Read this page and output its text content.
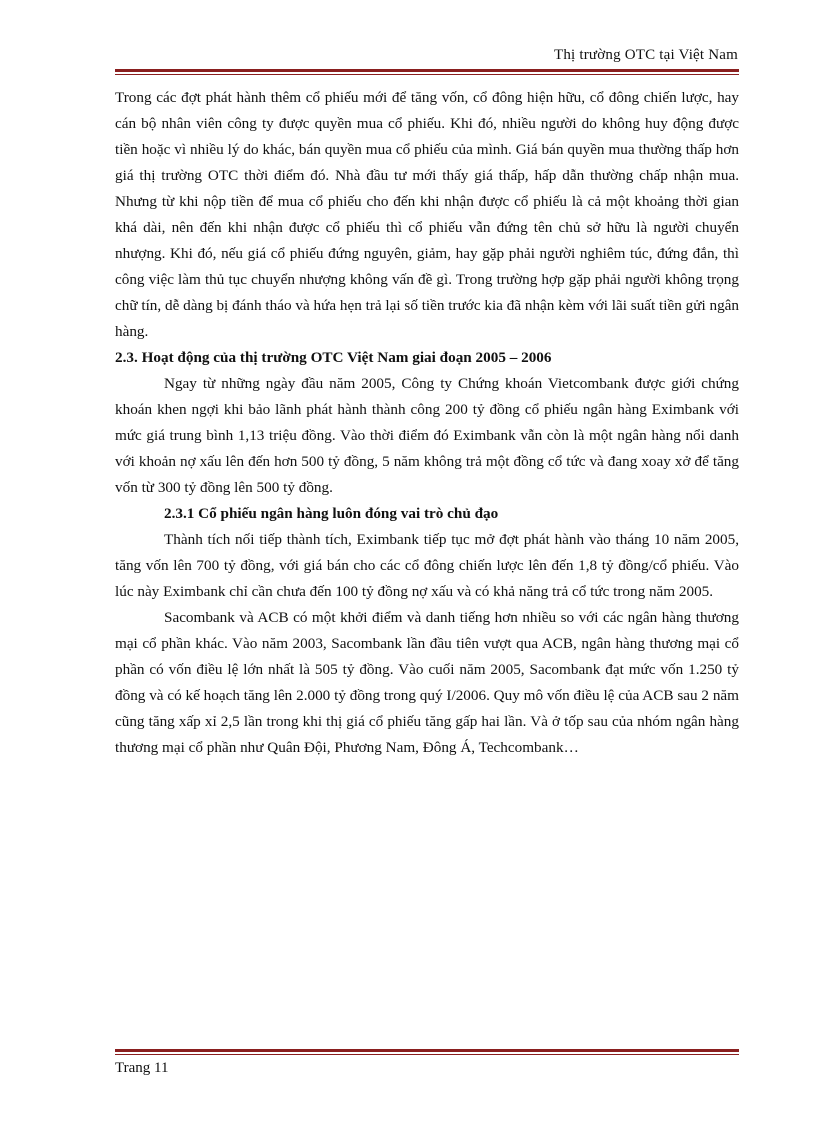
Thị trường OTC tại Việt Nam

Trong các đợt phát hành thêm cổ phiếu mới để tăng vốn, cổ đông hiện hữu, cổ đông chiến lược, hay cán bộ nhân viên công ty được quyền mua cổ phiếu. Khi đó, nhiều người do không huy động được tiền hoặc vì nhiều lý do khác, bán quyền mua cổ phiếu của mình. Giá bán quyền mua thường thấp hơn giá thị trường OTC thời điểm đó. Nhà đầu tư mới thấy giá thấp, hấp dẫn thường chấp nhận mua. Nhưng từ khi nộp tiền để mua cổ phiếu cho đến khi nhận được cổ phiếu là cả một khoảng thời gian khá dài, nên đến khi nhận được cổ phiếu thì cổ phiếu vẫn đứng tên chủ sở hữu là người chuyển nhượng. Khi đó, nếu giá cổ phiếu đứng nguyên, giảm, hay gặp phải người nghiêm túc, đứng đắn, thì công việc làm thủ tục chuyển nhượng không vấn đề gì. Trong trường hợp gặp phải người không trọng chữ tín, dễ dàng bị đánh tháo và hứa hẹn trả lại số tiền trước kia đã nhận kèm với lãi suất tiền gửi ngân hàng.

2.3. Hoạt động của thị trường OTC Việt Nam giai đoạn 2005 – 2006

Ngay từ những ngày đầu năm 2005, Công ty Chứng khoán Vietcombank được giới chứng khoán khen ngợi khi bảo lãnh phát hành thành công 200 tỷ đồng cổ phiếu ngân hàng Eximbank với mức giá trung bình 1,13 triệu đồng. Vào thời điểm đó Eximbank vẫn còn là một ngân hàng nổi danh với khoản nợ xấu lên đến hơn 500 tỷ đồng, 5 năm không trả một đồng cổ tức và đang xoay xở để tăng vốn từ 300 tỷ đồng lên 500 tỷ đồng.

2.3.1 Cổ phiếu ngân hàng luôn đóng vai trò chủ đạo

Thành tích nối tiếp thành tích, Eximbank tiếp tục mở đợt phát hành vào tháng 10 năm 2005, tăng vốn lên 700 tỷ đồng, với giá bán cho các cổ đông chiến lược lên đến 1,8 tỷ đồng/cổ phiếu. Vào lúc này Eximbank chỉ cần chưa đến 100 tỷ đồng nợ xấu và có khả năng trả cổ tức trong năm 2005.

Sacombank và ACB có một khởi điểm và danh tiếng hơn nhiều so với các ngân hàng thương mại cổ phần khác. Vào năm 2003, Sacombank lần đầu tiên vượt qua ACB, ngân hàng thương mại cổ phần có vốn điều lệ lớn nhất là 505 tỷ đồng. Vào cuối năm 2005, Sacombank đạt mức vốn 1.250 tỷ đồng và có kế hoạch tăng lên 2.000 tỷ đồng trong quý I/2006. Quy mô vốn điều lệ của ACB sau 2 năm cũng tăng xấp xỉ 2,5 lần trong khi thị giá cổ phiếu tăng gấp hai lần. Và ở tốp sau của nhóm ngân hàng thương mại cổ phần như Quân Đội, Phương Nam, Đông Á, Techcombank…

Trang 11
